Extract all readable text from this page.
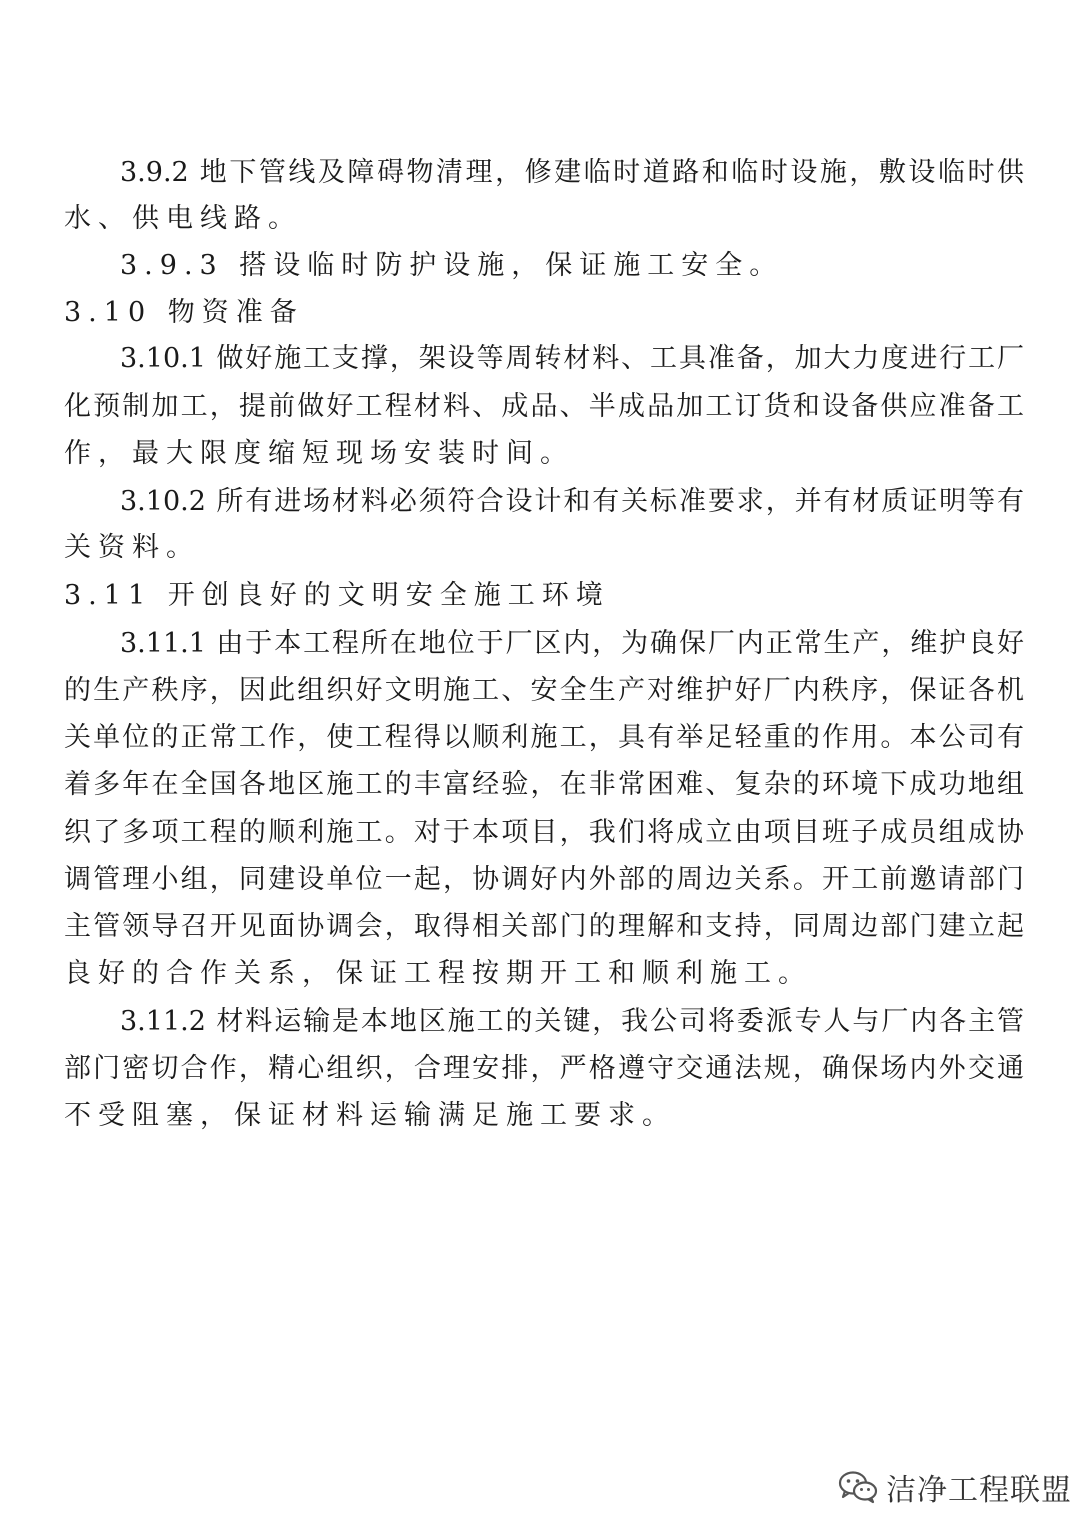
3.9.2 地下管线及障碍物清理，修建临时道路和临时设施，敷设临时供
水、供电线路。
3.9.3 搭设临时防护设施，保证施工安全。
3.10 物资准备
3.10.1 做好施工支撑，架设等周转材料、工具准备，加大力度进行工厂
化预制加工，提前做好工程材料、成品、半成品加工订货和设备供应准备工
作，最大限度缩短现场安装时间。
3.10.2 所有进场材料必须符合设计和有关标准要求，并有材质证明等有
关资料。
3.11 开创良好的文明安全施工环境
3.11.1 由于本工程所在地位于厂区内，为确保厂内正常生产，维护良好
的生产秩序，因此组织好文明施工、安全生产对维护好厂内秩序，保证各机
关单位的正常工作，使工程得以顺利施工，具有举足轻重的作用。本公司有
着多年在全国各地区施工的丰富经验，在非常困难、复杂的环境下成功地组
织了多项工程的顺利施工。对于本项目，我们将成立由项目班子成员组成协
调管理小组，同建设单位一起，协调好内外部的周边关系。开工前邀请部门
主管领导召开见面协调会，取得相关部门的理解和支持，同周边部门建立起
良好的合作关系，保证工程按期开工和顺利施工。
3.11.2 材料运输是本地区施工的关键，我公司将委派专人与厂内各主管
部门密切合作，精心组织，合理安排，严格遵守交通法规，确保场内外交通
不受阻塞，保证材料运输满足施工要求。
洁净工程联盟
